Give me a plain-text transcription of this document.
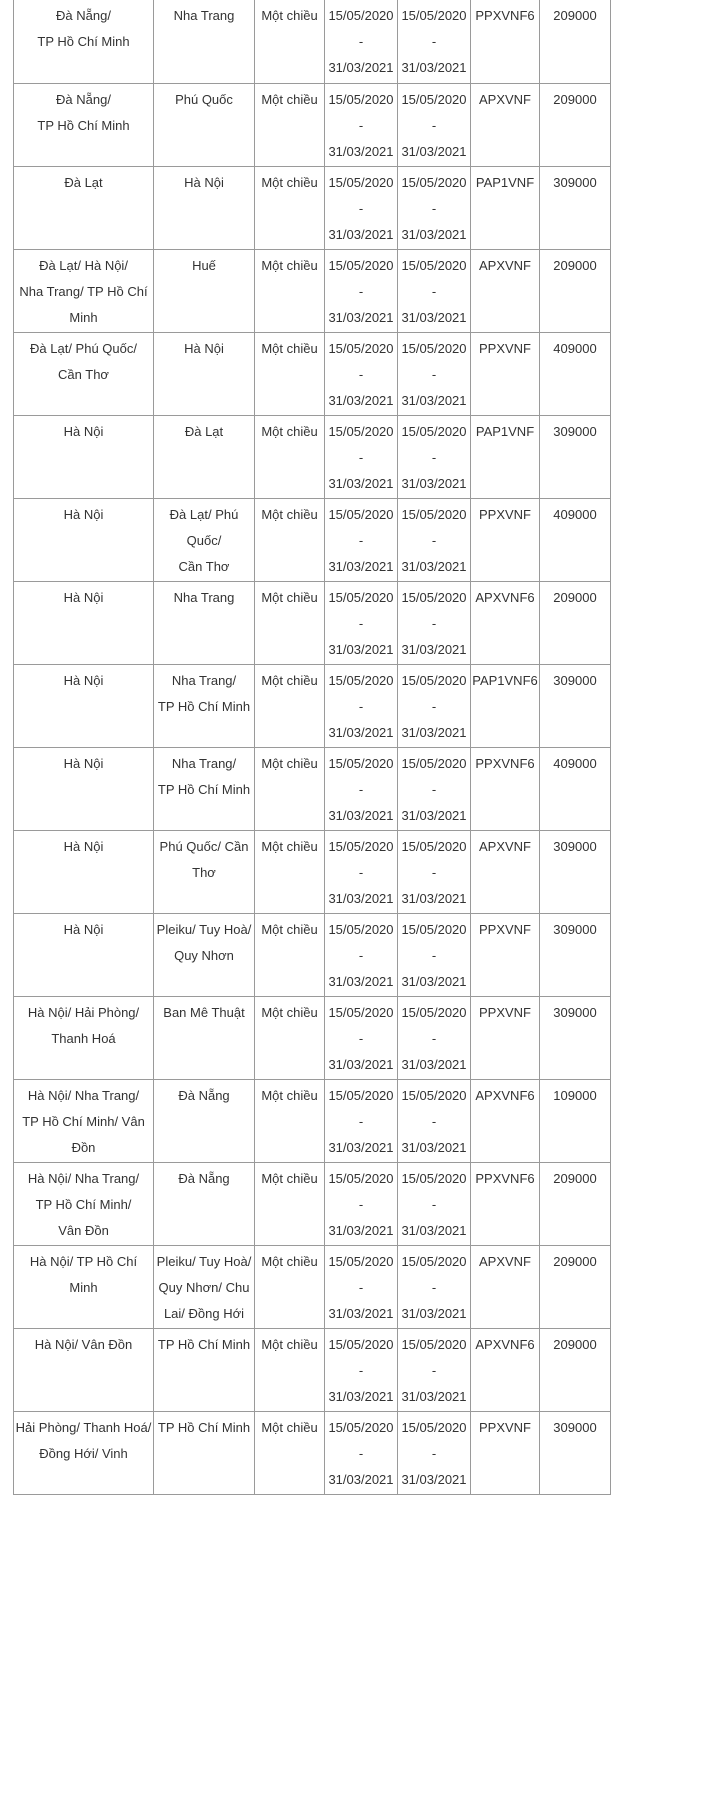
Đà Nẵng/
TP Hồ Chí Minh	Nha Trang	Một chiều	15/05/2020
-
31/03/2021	15/05/2020
-
31/03/2021	PPXVNF6	209000
Đà Nẵng/
TP Hồ Chí Minh	Phú Quốc	Một chiều	15/05/2020
-
31/03/2021	15/05/2020
-
31/03/2021	APXVNF	209000
Đà Lạt	Hà Nội	Một chiều	15/05/2020
-
31/03/2021	15/05/2020
-
31/03/2021	PAP1VNF	309000
Đà Lạt/ Hà Nội/
Nha Trang/ TP Hồ Chí
Minh	Huế	Một chiều	15/05/2020
-
31/03/2021	15/05/2020
-
31/03/2021	APXVNF	209000
Đà Lạt/ Phú Quốc/
Cần Thơ	Hà Nội	Một chiều	15/05/2020
-
31/03/2021	15/05/2020
-
31/03/2021	PPXVNF	409000
Hà Nội	Đà Lạt	Một chiều	15/05/2020
-
31/03/2021	15/05/2020
-
31/03/2021	PAP1VNF	309000
Hà Nội	Đà Lạt/ Phú
Quốc/
Cần Thơ	Một chiều	15/05/2020
-
31/03/2021	15/05/2020
-
31/03/2021	PPXVNF	409000
Hà Nội	Nha Trang	Một chiều	15/05/2020
-
31/03/2021	15/05/2020
-
31/03/2021	APXVNF6	209000
Hà Nội	Nha Trang/
TP Hồ Chí Minh	Một chiều	15/05/2020
-
31/03/2021	15/05/2020
-
31/03/2021	PAP1VNF6	309000
Hà Nội	Nha Trang/
TP Hồ Chí Minh	Một chiều	15/05/2020
-
31/03/2021	15/05/2020
-
31/03/2021	PPXVNF6	409000
Hà Nội	Phú Quốc/ Cần
Thơ	Một chiều	15/05/2020
-
31/03/2021	15/05/2020
-
31/03/2021	APXVNF	309000
Hà Nội	Pleiku/ Tuy Hoà/
Quy Nhơn	Một chiều	15/05/2020
-
31/03/2021	15/05/2020
-
31/03/2021	PPXVNF	309000
Hà Nội/ Hải Phòng/
Thanh Hoá	Ban Mê Thuật	Một chiều	15/05/2020
-
31/03/2021	15/05/2020
-
31/03/2021	PPXVNF	309000
Hà Nội/ Nha Trang/
TP Hồ Chí Minh/ Vân
Đồn	Đà Nẵng	Một chiều	15/05/2020
-
31/03/2021	15/05/2020
-
31/03/2021	APXVNF6	109000
Hà Nội/ Nha Trang/
TP Hồ Chí Minh/
Vân Đồn	Đà Nẵng	Một chiều	15/05/2020
-
31/03/2021	15/05/2020
-
31/03/2021	PPXVNF6	209000
Hà Nội/ TP Hồ Chí Minh	Pleiku/ Tuy Hoà/
Quy Nhơn/ Chu
Lai/ Đồng Hới	Một chiều	15/05/2020
-
31/03/2021	15/05/2020
-
31/03/2021	APXVNF	209000
Hà Nội/ Vân Đồn	TP Hồ Chí Minh	Một chiều	15/05/2020
-
31/03/2021	15/05/2020
-
31/03/2021	APXVNF6	209000
Hải Phòng/ Thanh Hoá/
Đồng Hới/ Vinh	TP Hồ Chí Minh	Một chiều	15/05/2020
-
31/03/2021	15/05/2020
-
31/03/2021	PPXVNF	309000
